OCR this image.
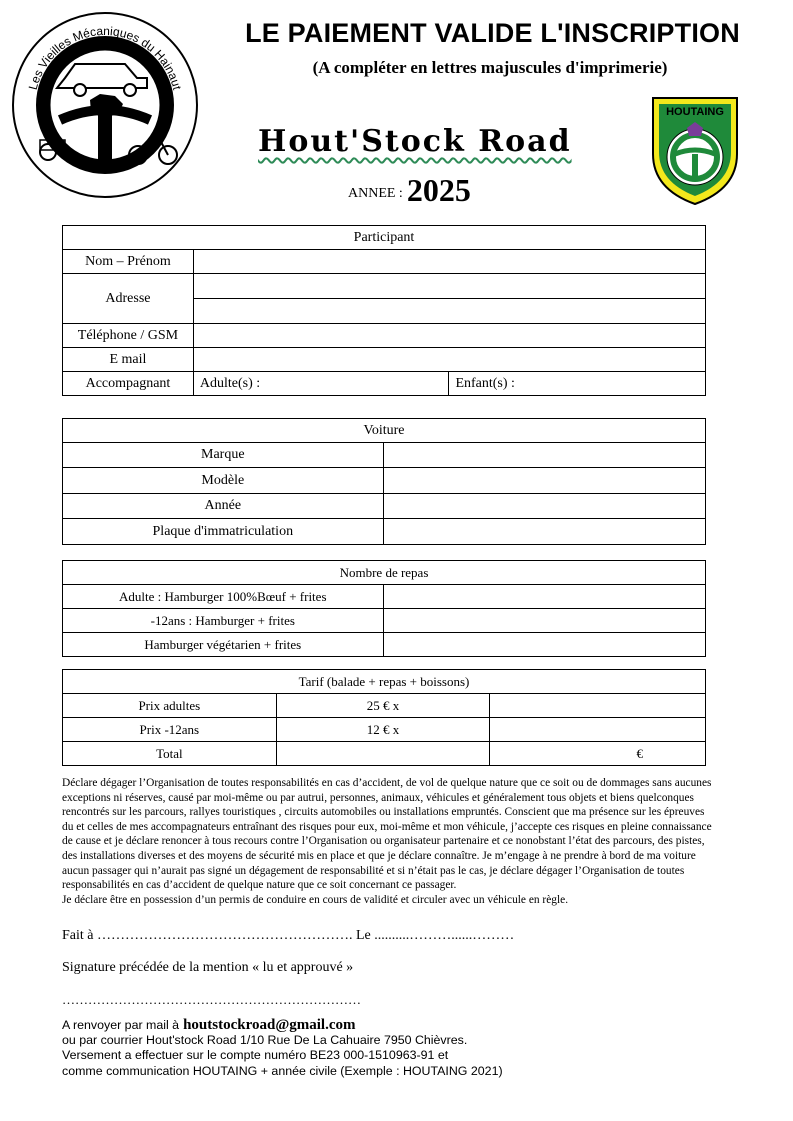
Les Vieilles Mécaniques du Hainaut
HOUTAING
LE PAIEMENT VALIDE L'INSCRIPTION
(A compléter en lettres majuscules d'imprimerie)
Hout'Stock Road
ANNEE : 2025
Participant		
Nom – Prénom		
Adresse		

Téléphone / GSM		
E mail		
Accompagnant	Adulte(s) :	Enfant(s) :
Voiture	
Marque	
Modèle	
Année	
Plaque d'immatriculation	
Nombre de repas	
Adulte : Hamburger 100%Bœuf + frites	
-12ans : Hamburger + frites	
Hamburger végétarien + frites	
Tarif (balade + repas + boissons)		
Prix adultes	25 € x	
Prix -12ans	12 € x	
Total		€
Déclare dégager l’Organisation de toutes responsabilités en cas d’accident, de vol de quelque nature que ce soit ou de dommages sans aucunes exceptions ni réserves, causé par moi-même ou par autrui, personnes, animaux, véhicules et généralement tous objets et biens quelconques rencontrés sur les parcours, rallyes touristiques , circuits automobiles ou installations empruntés. Conscient que ma présence sur les épreuves du et celles de mes accompagnateurs entraînant des risques pour eux, moi-même et mon véhicule, j’accepte ces risques en pleine connaissance de cause et je déclare renoncer à tous recours contre l’Organisation ou organisateur partenaire et ce nonobstant l’état des parcours, des pistes, des installations diverses et des moyens de sécurité mis en place et que je déclare connaître. Je m’engage à ne prendre à bord de ma voiture aucun passager qui n’aurait pas signé un dégagement de responsabilité et si n’était pas le cas, je déclare dégager l’Organisation de toutes responsabilités en cas d’accident de quelque nature que ce soit concernant ce passager.
Je déclare être en possession d’un permis de conduire en cours de validité et circuler avec un véhicule en règle.
Fait à ………………………………………………. Le ..........………......………
Signature précédée de la mention « lu et approuvé »
……………………………………………………………
A renvoyer par mail à houtstockroad@gmail.com
ou par courrier Hout'stock Road 1/10 Rue De La Cahuaire 7950 Chièvres.
Versement a effectuer sur le compte numéro BE23 000-1510963-91 et
comme communication HOUTAING + année civile (Exemple : HOUTAING 2021)
